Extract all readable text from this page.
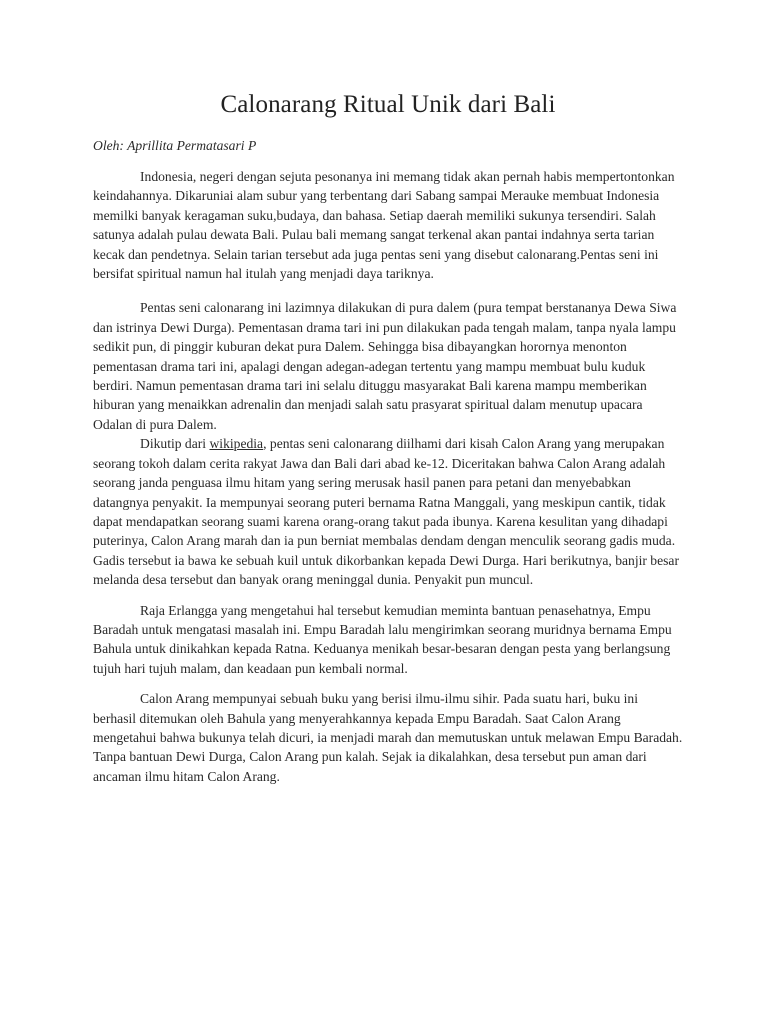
Calonarang Ritual Unik dari Bali

Oleh: Aprillita Permatasari P

Indonesia, negeri dengan sejuta pesonanya ini memang tidak akan pernah habis mempertontonkan keindahannya. Dikaruniai alam subur yang terbentang dari Sabang sampai Merauke membuat Indonesia memilki banyak keragaman suku,budaya, dan bahasa. Setiap daerah memiliki sukunya tersendiri. Salah satunya adalah pulau dewata Bali. Pulau bali memang sangat terkenal akan pantai indahnya serta tarian kecak dan pendetnya. Selain tarian tersebut ada juga pentas seni yang disebut calonarang.Pentas seni ini bersifat spiritual namun hal itulah yang menjadi daya tariknya.

Pentas seni calonarang ini lazimnya dilakukan di pura dalem (pura tempat berstananya Dewa Siwa dan istrinya Dewi Durga). Pementasan drama tari ini pun dilakukan pada tengah malam, tanpa nyala lampu sedikit pun, di pinggir kuburan dekat pura Dalem. Sehingga bisa dibayangkan horornya menonton pementasan drama tari ini, apalagi dengan adegan-adegan tertentu yang mampu membuat bulu kuduk berdiri. Namun pementasan drama tari ini selalu dituggu masyarakat Bali karena mampu memberikan hiburan yang menaikkan adrenalin dan menjadi salah satu prasyarat spiritual dalam menutup upacara Odalan di pura Dalem.

Dikutip dari wikipedia, pentas seni calonarang diilhami dari kisah Calon Arang yang merupakan seorang tokoh dalam cerita rakyat Jawa dan Bali dari abad ke-12. Diceritakan bahwa Calon Arang adalah seorang janda penguasa ilmu hitam yang sering merusak hasil panen para petani dan menyebabkan datangnya penyakit. Ia mempunyai seorang puteri bernama Ratna Manggali, yang meskipun cantik, tidak dapat mendapatkan seorang suami karena orang-orang takut pada ibunya. Karena kesulitan yang dihadapi puterinya, Calon Arang marah dan ia pun berniat membalas dendam dengan menculik seorang gadis muda. Gadis tersebut ia bawa ke sebuah kuil untuk dikorbankan kepada Dewi Durga. Hari berikutnya, banjir besar melanda desa tersebut dan banyak orang meninggal dunia. Penyakit pun muncul.

Raja Erlangga yang mengetahui hal tersebut kemudian meminta bantuan penasehatnya, Empu Baradah untuk mengatasi masalah ini. Empu Baradah lalu mengirimkan seorang muridnya bernama Empu Bahula untuk dinikahkan kepada Ratna. Keduanya menikah besar-besaran dengan pesta yang berlangsung tujuh hari tujuh malam, dan keadaan pun kembali normal.

Calon Arang mempunyai sebuah buku yang berisi ilmu-ilmu sihir. Pada suatu hari, buku ini berhasil ditemukan oleh Bahula yang menyerahkannya kepada Empu Baradah. Saat Calon Arang mengetahui bahwa bukunya telah dicuri, ia menjadi marah dan memutuskan untuk melawan Empu Baradah. Tanpa bantuan Dewi Durga, Calon Arang pun kalah. Sejak ia dikalahkan, desa tersebut pun aman dari ancaman ilmu hitam Calon Arang.
